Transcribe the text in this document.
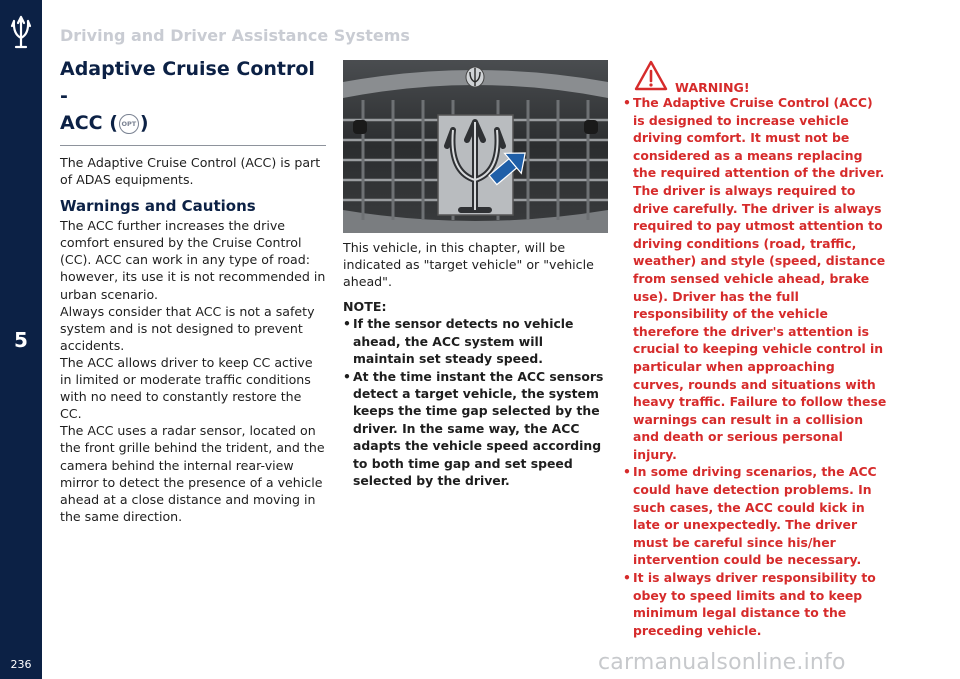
5
236
Driving and Driver Assistance Systems
Adaptive Cruise Control -
ACC ( OPT )

The Adaptive Cruise Control (ACC) is part of ADAS equipments.

Warnings and Cautions

The ACC further increases the drive comfort ensured by the Cruise Control (CC). ACC can work in any type of road: however, its use it is not recommended in urban scenario.

Always consider that ACC is not a safety system and is not designed to prevent accidents.

The ACC allows driver to keep CC active in limited or moderate traffic conditions with no need to constantly restore the CC.

The ACC uses a radar sensor, located on the front grille behind the trident, and the camera behind the internal rear-view mirror to detect the presence of a vehicle ahead at a close distance and moving in the same direction.

This vehicle, in this chapter, will be indicated as "target vehicle" or "vehicle ahead".

NOTE:
• If the sensor detects no vehicle ahead, the ACC system will maintain set steady speed.
• At the time instant the ACC sensors detect a target vehicle, the system keeps the time gap selected by the driver. In the same way, the ACC adapts the vehicle speed according to both time gap and set speed selected by the driver.
WARNING!
• The Adaptive Cruise Control (ACC) is designed to increase vehicle driving comfort. It must not be considered as a means replacing the required attention of the driver. The driver is always required to drive carefully. The driver is always required to pay utmost attention to driving conditions (road, traffic, weather) and style (speed, distance from sensed vehicle ahead, brake use). Driver has the full responsibility of the vehicle therefore the driver's attention is crucial to keeping vehicle control in particular when approaching curves, rounds and situations with heavy traffic. Failure to follow these warnings can result in a collision and death or serious personal injury.
• In some driving scenarios, the ACC could have detection problems. In such cases, the ACC could kick in late or unexpectedly. The driver must be careful since his/her intervention could be necessary.
• It is always driver responsibility to obey to speed limits and to keep minimum legal distance to the preceding vehicle.
carmanualsonline.info
